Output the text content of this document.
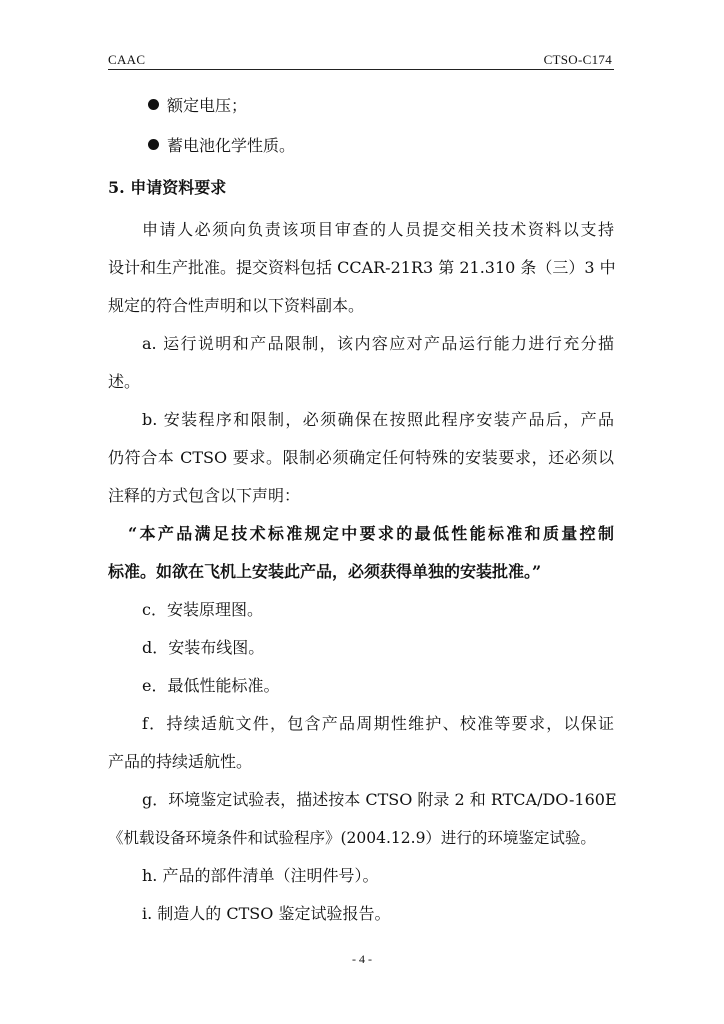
CAAC	CTSO-C174
额定电压；
蓄电池化学性质。
5. 申请资料要求
申请人必须向负责该项目审查的人员提交相关技术资料以支持
设计和生产批准。提交资料包括 CCAR-21R3 第 21.310 条（三）3 中
规定的符合性声明和以下资料副本。
a. 运行说明和产品限制，该内容应对产品运行能力进行充分描
述。
b. 安装程序和限制，必须确保在按照此程序安装产品后，产品
仍符合本 CTSO 要求。限制必须确定任何特殊的安装要求，还必须以
注释的方式包含以下声明：
“本产品满足技术标准规定中要求的最低性能标准和质量控制
标准。如欲在飞机上安装此产品，必须获得单独的安装批准。”
c．安装原理图。
d．安装布线图。
e．最低性能标准。
f．持续适航文件，包含产品周期性维护、校准等要求，以保证
产品的持续适航性。
g．环境鉴定试验表，描述按本 CTSO 附录 2 和 RTCA/DO-160E
《机载设备环境条件和试验程序》(2004.12.9）进行的环境鉴定试验。
h. 产品的部件清单（注明件号）。
i. 制造人的 CTSO 鉴定试验报告。
- 4 -
